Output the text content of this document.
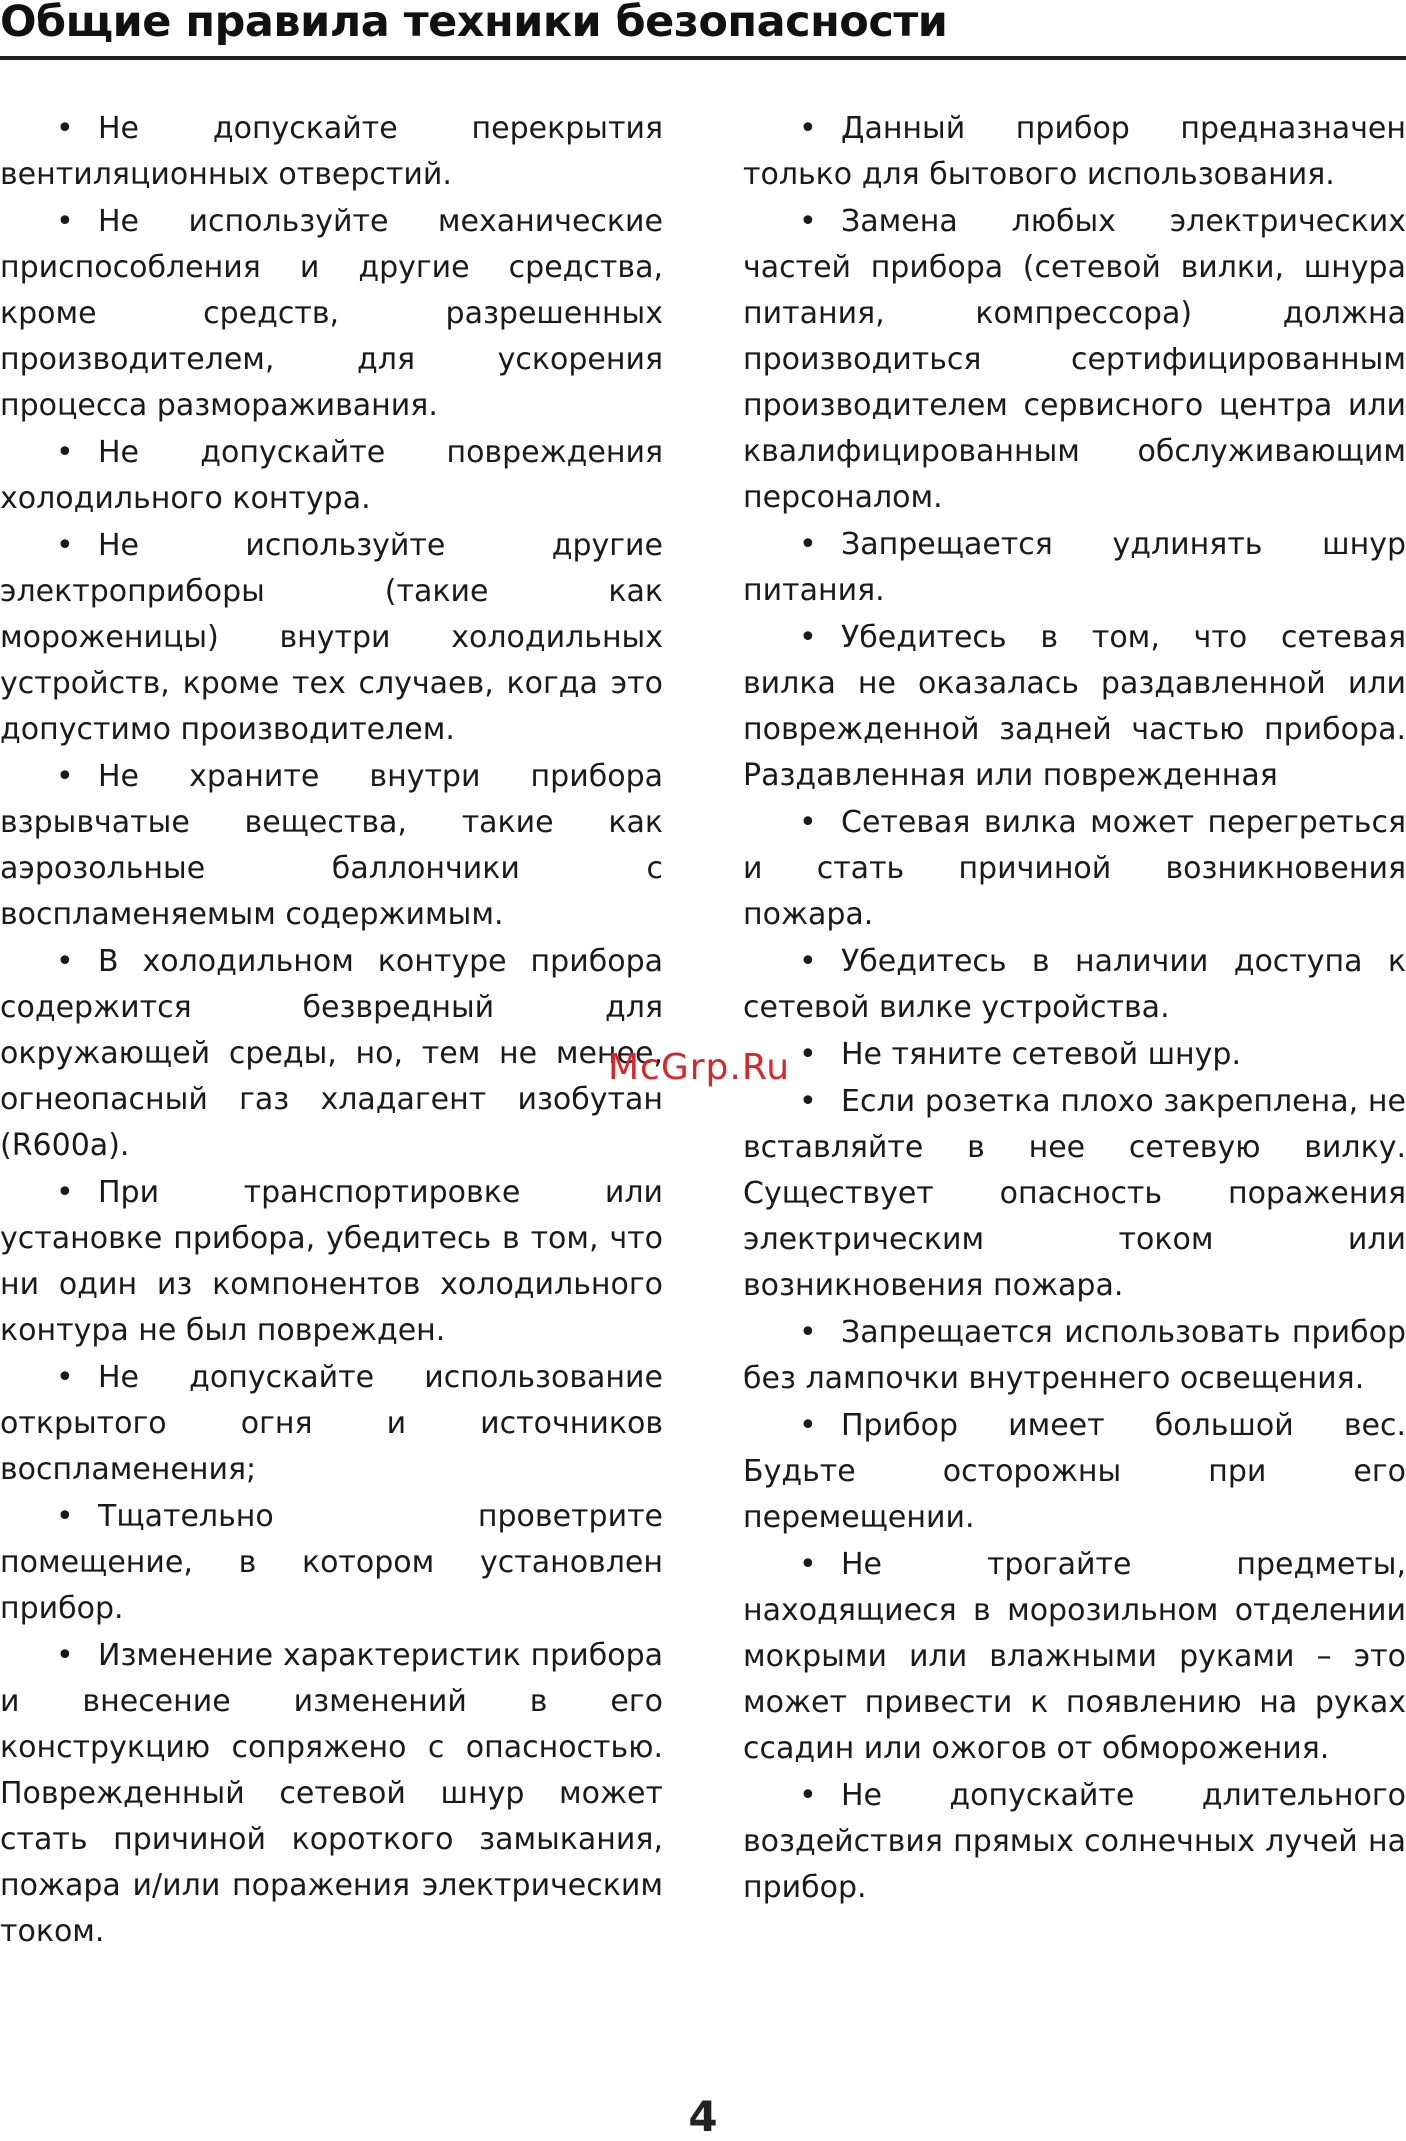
Общие правила техники безопасности

• Не допускайте перекрытия вентиляционных отверстий.

• Не используйте механические приспособления и другие средства, кроме средств, разрешенных производителем, для ускорения процесса размораживания.

• Не допускайте повреждения холодильного контура.

• Не используйте другие электроприборы (такие как мороженицы) внутри холодильных устройств, кроме тех случаев, когда это допустимо производителем.

• Не храните внутри прибора взрывчатые вещества, такие как аэрозольные баллончики с воспламеняемым содержимым.

• В холодильном контуре прибора содержится безвредный для окружающей среды, но, тем не менее, огнеопасный газ хладагент изобутан (R600a).

• При транспортировке или установке прибора, убедитесь в том, что ни один из компонентов холодильного контура не был поврежден.

• Не допускайте использование открытого огня и источников воспламенения;

• Тщательно проветрите помещение, в котором установлен прибор.

• Изменение характеристик прибора и внесение изменений в его конструкцию сопряжено с опасностью. Поврежденный сетевой шнур может стать причиной короткого замыкания, пожара и/или поражения электрическим током.

• Данный прибор предназначен только для бытового использования.

• Замена любых электрических частей прибора (сетевой вилки, шнура питания, компрессора) должна производиться сертифицированным производителем сервисного центра или квалифицированным обслуживающим персоналом.

• Запрещается удлинять шнур питания.

• Убедитесь в том, что сетевая вилка не оказалась раздавленной или поврежденной задней частью прибора. Раздавленная или поврежденная

• Сетевая вилка может перегреться и стать причиной возникновения пожара.

• Убедитесь в наличии доступа к сетевой вилке устройства.

• Не тяните сетевой шнур.

• Если розетка плохо закреплена, не вставляйте в нее сетевую вилку. Существует опасность поражения электрическим током или возникновения пожара.

• Запрещается использовать прибор без лампочки внутреннего освещения.

• Прибор имеет большой вес. Будьте осторожны при его перемещении.

• Не трогайте предметы, находящиеся в морозильном отделении мокрыми или влажными руками – это может привести к появлению на руках ссадин или ожогов от обморожения.

• Не допускайте длительного воздействия прямых солнечных лучей на прибор.

McGrp.Ru
4
